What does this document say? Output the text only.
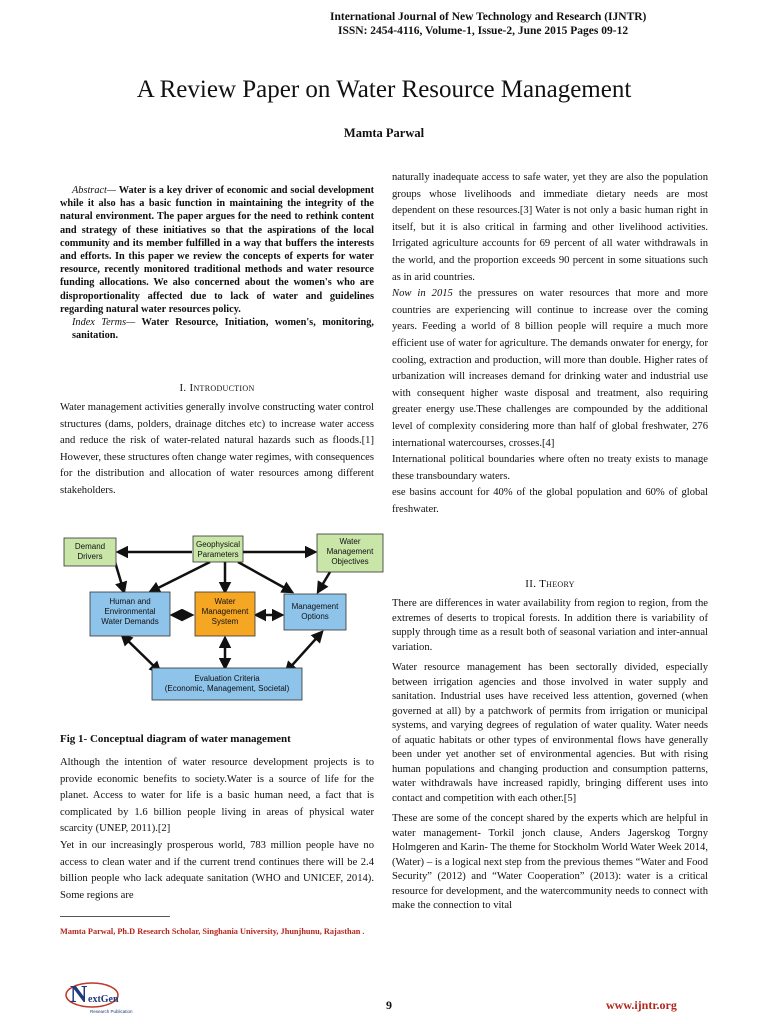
International Journal of New Technology and Research (IJNTR)
ISSN: 2454-4116, Volume-1, Issue-2, June 2015 Pages 09-12
A Review Paper on Water Resource Management
Mamta Parwal

Abstract— Water is a key driver of economic and social development while it also has a basic function in maintaining the integrity of the natural environment. The paper argues for the need to rethink content and strategy of these initiatives so that the aspirations of the local community and its member fulfilled in a way that buffers the interests and efforts. In this paper we review the concepts of experts for water resource, recently monitored traditional methods and water resource funding allocations. We also concerned about the women's who are disproportionality affected due to lack of water and guidelines regarding natural water resources policy.

Index Terms— Water Resource, Initiation, women's, monitoring, sanitation.

I. Introduction
Water management activities generally involve constructing water control structures (dams, polders, drainage ditches etc) to increase water access and reduce the risk of water-related natural hazards such as floods.[1] However, these structures often change water regimes, with consequences for the distribution and allocation of water resources among different stakeholders.
Demand Drivers
Geophysical Parameters
Water Management Objectives
Human and Environmental Water Demands
Water Management System
Management Options
Evaluation Criteria (Economic, Management, Societal)
Fig 1- Conceptual diagram of water management

Although the intention of water resource development projects is to provide economic benefits to society.Water is a source of life for the planet. Access to water for life is a basic human need, a fact that is complicated by 1.6 billion people living in areas of physical water scarcity (UNEP, 2011).[2]

Yet in our increasingly prosperous world, 783 million people have no access to clean water and if the current trend continues there will be 2.4 billion people who lack adequate sanitation (WHO and UNICEF, 2014). Some regions are

Mamta Parwal, Ph.D Research Scholar, Singhania University, Jhunjhunu, Rajasthan .

naturally inadequate access to safe water, yet they are also the population groups whose livelihoods and immediate dietary needs are most dependent on these resources.[3] Water is not only a basic human right in itself, but it is also critical in farming and other livelihood activities. Irrigated agriculture accounts for 69 percent of all water withdrawals in the world, and the proportion exceeds 90 percent in some situations such as in arid countries.

Now in 2015 the pressures on water resources that more and more countries are experiencing will continue to increase over the coming years. Feeding a world of 8 billion people will require a much more efficient use of water for agriculture. The demands onwater for energy, for cooling, extraction and production, will more than double. Higher rates of urbanization will increases demand for drinking water and industrial use with consequent higher waste disposal and treatment, also requiring greater energy use.These challenges are compounded by the additional level of complexity considering more than half of global freshwater, 276 international watercourses, crosses.[4]

International political boundaries where often no treaty exists to manage these transboundary waters.

ese basins account for 40% of the global population and 60% of global freshwater.

II. Theory

There are differences in water availability from region to region, from the extremes of deserts to tropical forests. In addition there is variability of supply through time as a result both of seasonal variation and inter-annual variation.

Water resource management has been sectorally divided, especially between irrigation agencies and those involved in water supply and sanitation. Industrial uses have received less attention, governed (when governed at all) by a patchwork of permits from irrigation or municipal systems, and varying degrees of regulation of water quality. Water needs of aquatic habitats or other types of environmental flows have generally been under yet another set of environmental agencies. But with rising human populations and changing production and consumption patterns, water withdrawals have increased rapidly, bringing different uses into contact and competition with each other.[5]

These are some of the concept shared by the experts which are helpful in water management- Torkil jonch clause, Anders Jagerskog Torgny Holmgeren and Karin- The theme for Stockholm World Water Week 2014, (Water) – is a logical next step from the previous themes “Water and Food Security” (2012) and “Water Cooperation” (2013): water is a critical resource for development, and the watercommunity needs to connect with make the connection to vital

N extGen
Research Publication	9	www.ijntr.org
